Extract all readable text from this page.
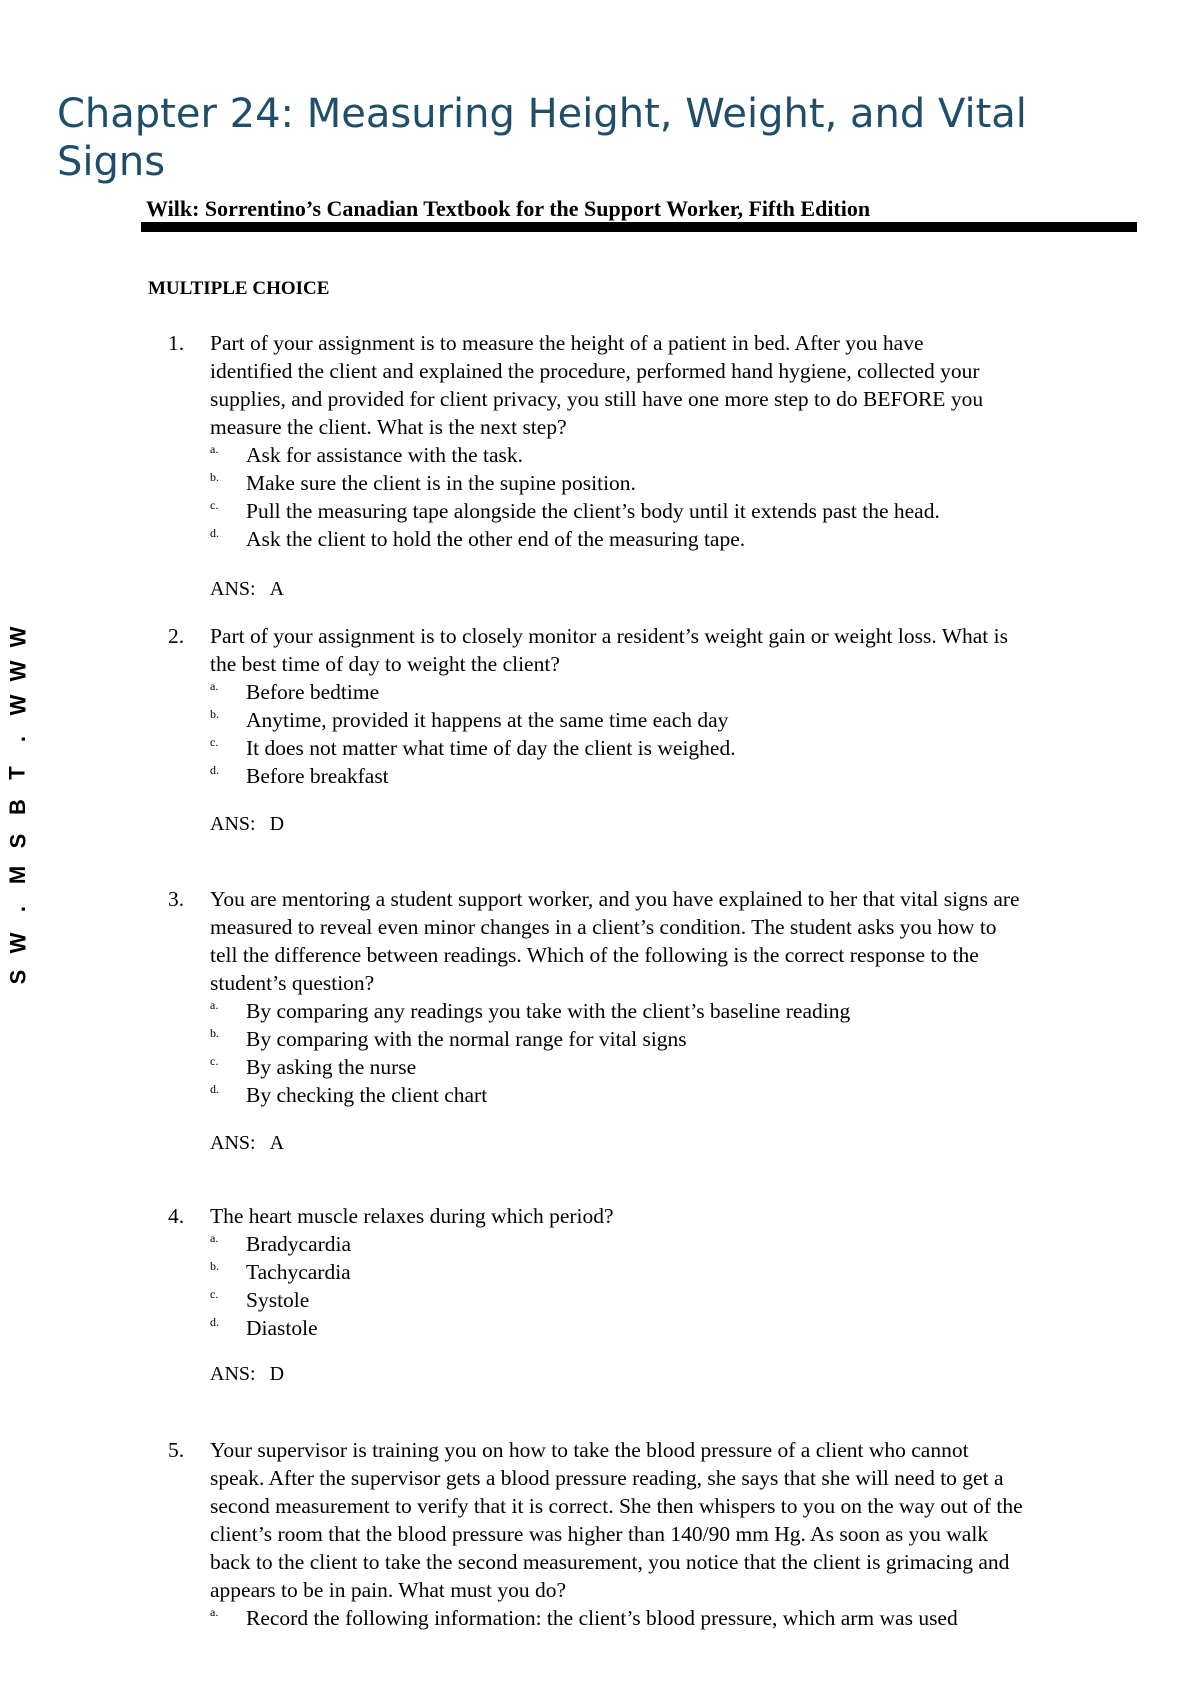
Chapter 24: Measuring Height, Weight, and Vital Signs
Wilk: Sorrentino’s Canadian Textbook for the Support Worker, Fifth Edition
MULTIPLE CHOICE
W
W
W
.
T
B
S
M
.
W
S
1.	Part of your assignment is to measure the height of a patient in bed. After you have
identified the client and explained the procedure, performed hand hygiene, collected your
supplies, and provided for client privacy, you still have one more step to do BEFORE you
measure the client. What is the next step?
a. Ask for assistance with the task.
b. Make sure the client is in the supine position.
c. Pull the measuring tape alongside the client’s body until it extends past the head.
d. Ask the client to hold the other end of the measuring tape.
ANS: A
2.	Part of your assignment is to closely monitor a resident’s weight gain or weight loss. What is
the best time of day to weight the client?
a. Before bedtime
b. Anytime, provided it happens at the same time each day
c. It does not matter what time of day the client is weighed.
d. Before breakfast
ANS: D
3.	You are mentoring a student support worker, and you have explained to her that vital signs are
measured to reveal even minor changes in a client’s condition. The student asks you how to
tell the difference between readings. Which of the following is the correct response to the
student’s question?
a. By comparing any readings you take with the client’s baseline reading
b. By comparing with the normal range for vital signs
c. By asking the nurse
d. By checking the client chart
ANS: A
4.	The heart muscle relaxes during which period?
a. Bradycardia
b. Tachycardia
c. Systole
d. Diastole
ANS: D
5.	Your supervisor is training you on how to take the blood pressure of a client who cannot
speak. After the supervisor gets a blood pressure reading, she says that she will need to get a
second measurement to verify that it is correct. She then whispers to you on the way out of the
client’s room that the blood pressure was higher than 140/90 mm Hg. As soon as you walk
back to the client to take the second measurement, you notice that the client is grimacing and
appears to be in pain. What must you do?
a. Record the following information: the client’s blood pressure, which arm was used
